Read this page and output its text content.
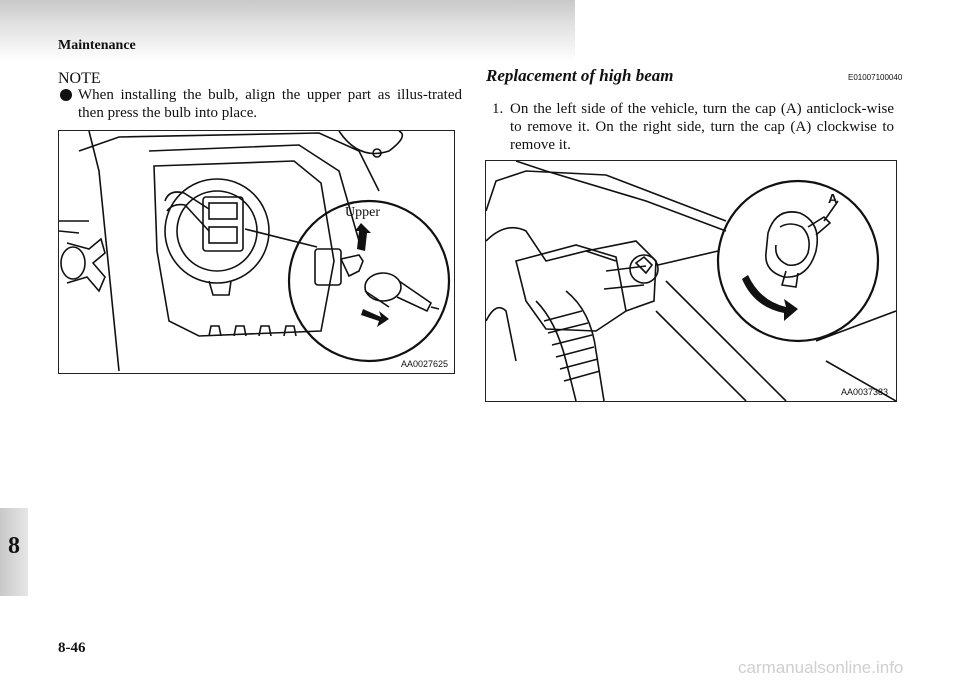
Maintenance
8
NOTE
When installing the bulb, align the upper part as illus-trated then press the bulb into place.
Upper
AA0027625
Replacement of high beam	E01007100040
1. On the left side of the vehicle, turn the cap (A) anticlock-wise to remove it. On the right side, turn the cap (A) clockwise to remove it.
A
AA0037383
8-46
carmanualsonline.info
